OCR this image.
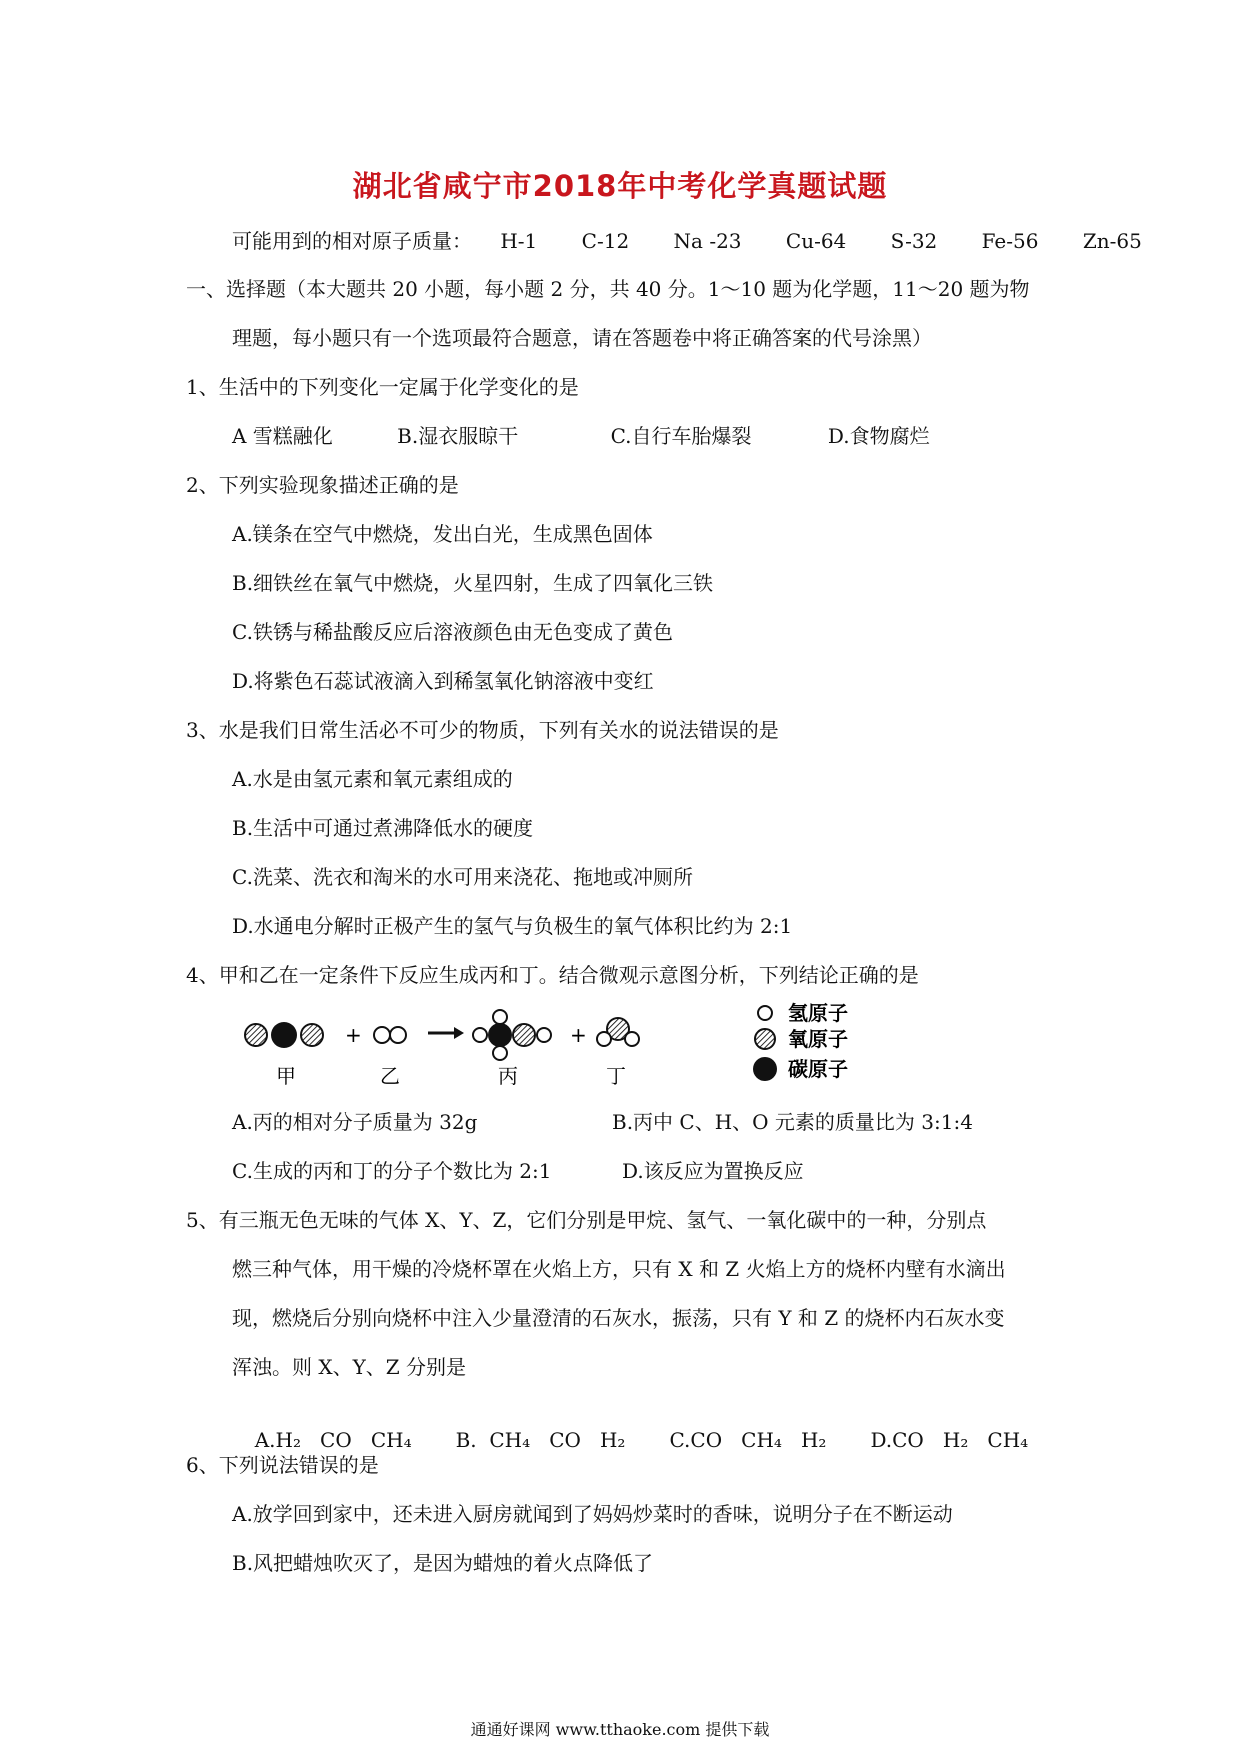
湖北省咸宁市2018年中考化学真题试题
可能用到的相对原子质量： H-1 C-12 Na -23 Cu-64 S-32 Fe-56 Zn-65
一、选择题（本大题共 20 小题，每小题 2 分，共 40 分。1～10 题为化学题，11～20 题为物
理题，每小题只有一个选项最符合题意，请在答题卷中将正确答案的代号涂黑）
1、生活中的下列变化一定属于化学变化的是
A 雪糕融化	B.湿衣服晾干	C.自行车胎爆裂	D.食物腐烂
2、下列实验现象描述正确的是
A.镁条在空气中燃烧，发出白光，生成黑色固体
B.细铁丝在氧气中燃烧，火星四射，生成了四氧化三铁
C.铁锈与稀盐酸反应后溶液颜色由无色变成了黄色
D.将紫色石蕊试液滴入到稀氢氧化钠溶液中变红
3、水是我们日常生活必不可少的物质，下列有关水的说法错误的是
A.水是由氢元素和氧元素组成的
B.生活中可通过煮沸降低水的硬度
C.洗菜、洗衣和淘米的水可用来浇花、拖地或冲厕所
D.水通电分解时正极产生的氢气与负极生的氧气体积比约为 2:1
4、甲和乙在一定条件下反应生成丙和丁。结合微观示意图分析，下列结论正确的是
+	+
甲	乙	丙	丁
氢原子
氧原子
碳原子
A.丙的相对分子质量为 32g	B.丙中 C、H、O 元素的质量比为 3:1:4
C.生成的丙和丁的分子个数比为 2:1	D.该反应为置换反应
5、有三瓶无色无味的气体 X、Y、Z，它们分别是甲烷、氢气、一氧化碳中的一种，分别点
燃三种气体，用干燥的冷烧杯罩在火焰上方，只有 X 和 Z 火焰上方的烧杯内壁有水滴出
现，燃烧后分别向烧杯中注入少量澄清的石灰水，振荡，只有 Y 和 Z 的烧杯内石灰水变
浑浊。则 X、Y、Z 分别是

A.H₂   CO   CH₄ B.  CH₄   CO   H₂ C.CO   CH₄   H₂ D.CO   H₂   CH₄

6、下列说法错误的是
A.放学回到家中，还未进入厨房就闻到了妈妈炒菜时的香味，说明分子在不断运动
B.风把蜡烛吹灭了，是因为蜡烛的着火点降低了
通通好课网 www.tthaoke.com 提供下载
